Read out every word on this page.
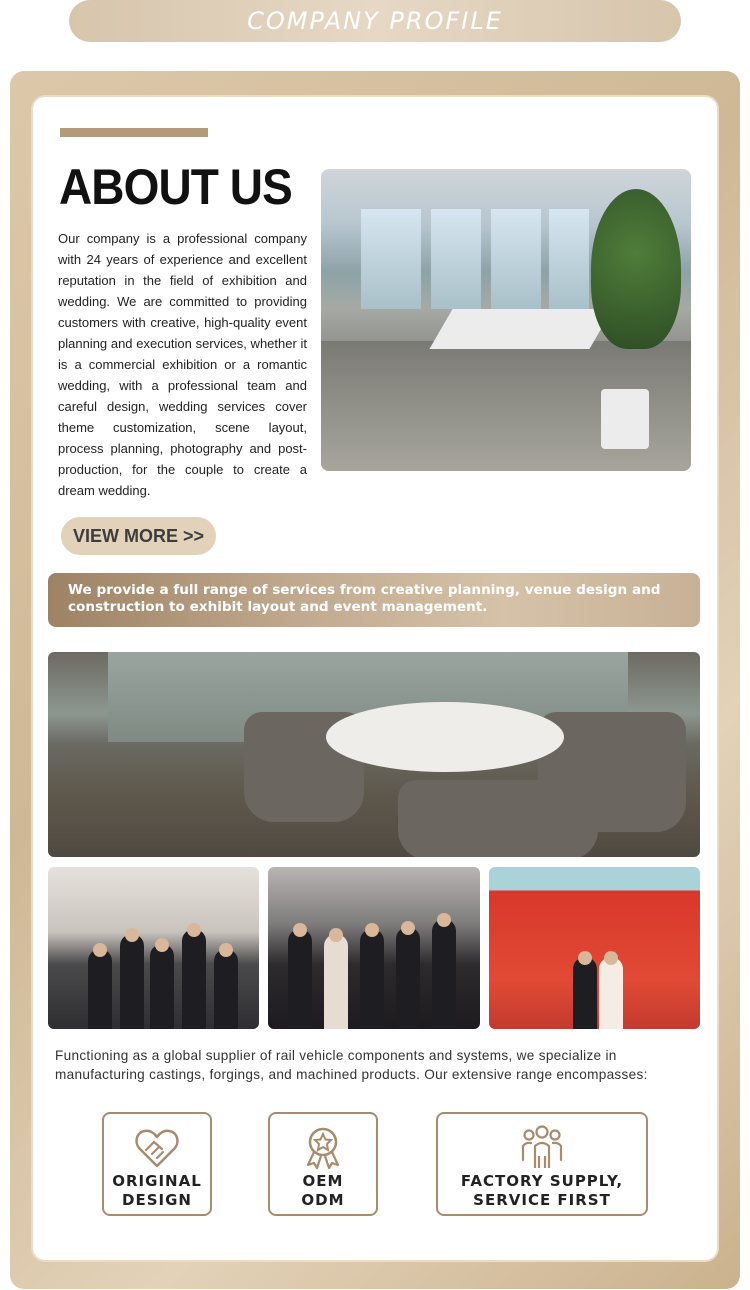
COMPANY PROFILE
ABOUT US
Our company is a professional company with 24 years of experience and excellent reputation in the field of exhibition and wedding. We are committed to providing customers with creative, high-quality event planning and execution services, whether it is a commercial exhibition or a romantic wedding, with a professional team and careful design, wedding services cover theme customization, scene layout, process planning, photography and post-production, for the couple to create a dream wedding.
VIEW MORE >>
We provide a full range of services from creative planning, venue design and construction to exhibit layout and event management.
Functioning as a global supplier of rail vehicle components and systems, we specialize in manufacturing castings, forgings, and machined products. Our extensive range encompasses:
ORIGINAL
DESIGN
OEM
ODM
FACTORY SUPPLY,
SERVICE FIRST
